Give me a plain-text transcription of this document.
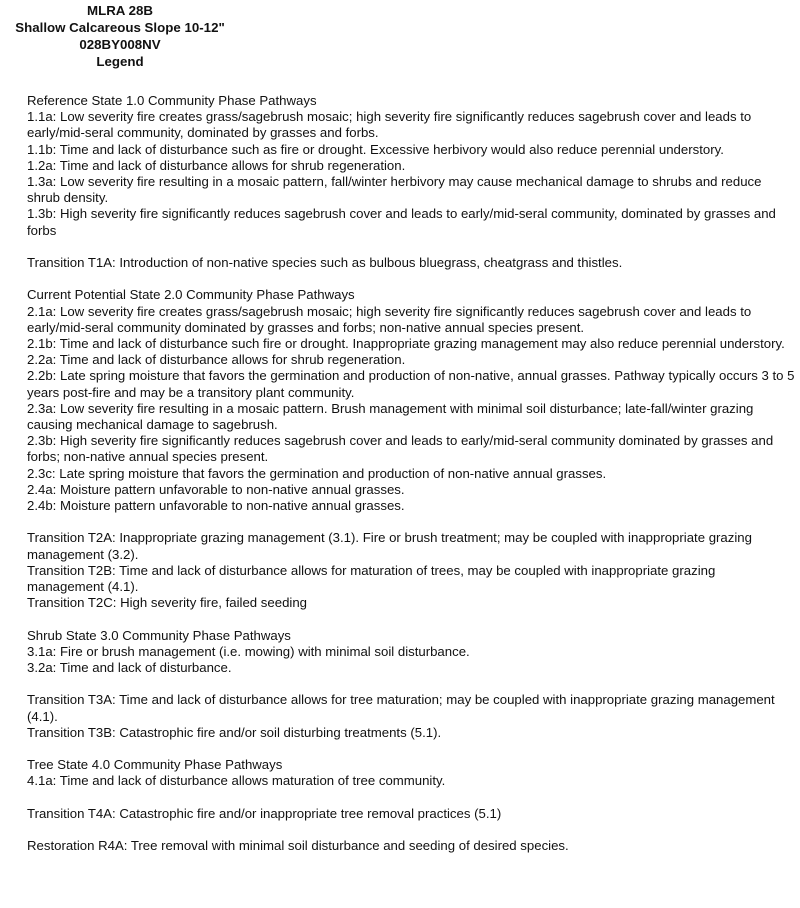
MLRA 28B
Shallow Calcareous Slope 10-12"
028BY008NV
Legend

Reference State 1.0 Community Phase Pathways

1.1a: Low severity fire creates grass/sagebrush mosaic; high severity fire significantly reduces sagebrush cover and leads to early/mid-seral community, dominated by grasses and forbs.

1.1b: Time and lack of disturbance such as fire or drought. Excessive herbivory would also reduce perennial understory.

1.2a: Time and lack of disturbance allows for shrub regeneration.

1.3a: Low severity fire resulting in a mosaic pattern, fall/winter herbivory may cause mechanical damage to shrubs and reduce shrub density.

1.3b: High severity fire significantly reduces sagebrush cover and leads to early/mid-seral community, dominated by grasses and forbs

Transition T1A: Introduction of non-native species such as bulbous bluegrass, cheatgrass and thistles.

Current Potential State 2.0 Community Phase Pathways

2.1a: Low severity fire creates grass/sagebrush mosaic; high severity fire significantly reduces sagebrush cover and leads to early/mid-seral community dominated by grasses and forbs; non-native annual species present.

2.1b: Time and lack of disturbance such fire or drought. Inappropriate grazing management may also reduce perennial understory.

2.2a: Time and lack of disturbance allows for shrub regeneration.

2.2b: Late spring moisture that favors the germination and production of non-native, annual grasses. Pathway typically occurs 3 to 5 years post-fire and may be a transitory plant community.

2.3a: Low severity fire resulting in a mosaic pattern. Brush management with minimal soil disturbance; late-fall/winter grazing causing mechanical damage to sagebrush.

2.3b: High severity fire significantly reduces sagebrush cover and leads to early/mid-seral community dominated by grasses and forbs; non-native annual species present.

2.3c: Late spring moisture that favors the germination and production of non-native annual grasses.

2.4a: Moisture pattern unfavorable to non-native annual grasses.

2.4b: Moisture pattern unfavorable to non-native annual grasses.

Transition T2A: Inappropriate grazing management (3.1). Fire or brush treatment; may be coupled with inappropriate grazing management (3.2).

Transition T2B: Time and lack of disturbance allows for maturation of trees, may be coupled with inappropriate grazing management (4.1).

Transition T2C: High severity fire, failed seeding

Shrub State 3.0 Community Phase Pathways

3.1a: Fire or brush management (i.e. mowing) with minimal soil disturbance.

3.2a: Time and lack of disturbance.

Transition T3A: Time and lack of disturbance allows for tree maturation; may be coupled with inappropriate grazing management (4.1).

Transition T3B: Catastrophic fire and/or soil disturbing treatments (5.1).

Tree State 4.0 Community Phase Pathways

4.1a: Time and lack of disturbance allows maturation of tree community.

Transition T4A: Catastrophic fire and/or inappropriate tree removal practices (5.1)

Restoration R4A: Tree removal with minimal soil disturbance and seeding of desired species.
